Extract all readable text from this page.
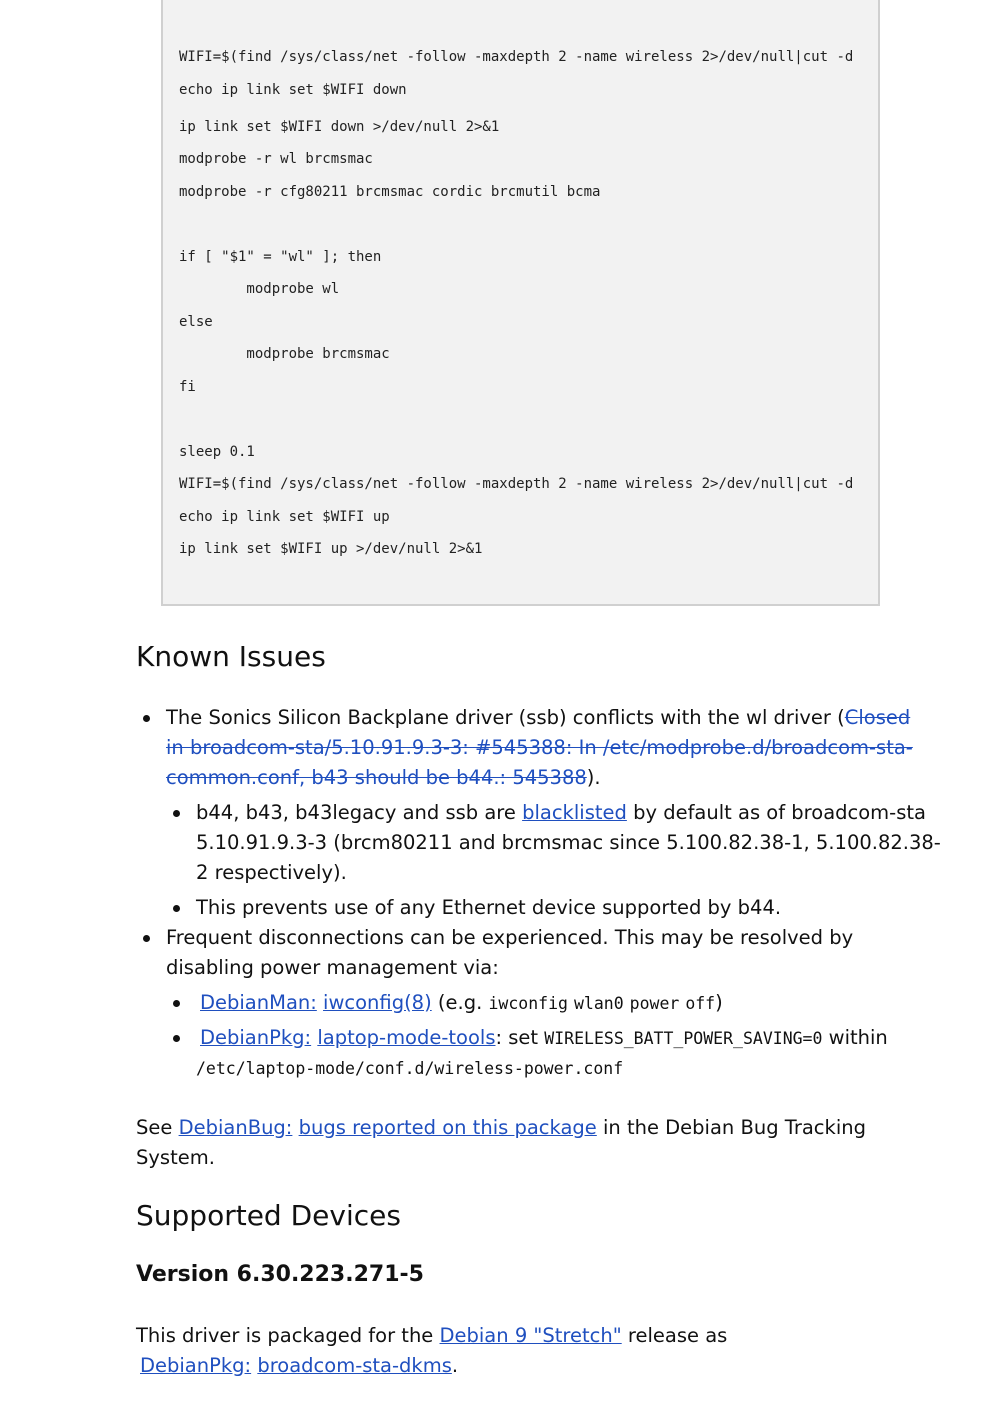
WIFI=$(find /sys/class/net -follow -maxdepth 2 -name wireless 2>/dev/null|cut -d
echo ip link set $WIFI down
ip link set $WIFI down >/dev/null 2>&1
modprobe -r wl brcmsmac
modprobe -r cfg80211 brcmsmac cordic brcmutil bcma
if [ "$1" = "wl" ]; then
modprobe wl
else
modprobe brcmsmac
fi
sleep 0.1
WIFI=$(find /sys/class/net -follow -maxdepth 2 -name wireless 2>/dev/null|cut -d
echo ip link set $WIFI up
ip link set $WIFI up >/dev/null 2>&1
Known Issues

The Sonics Silicon Backplane driver (ssb) conflicts with the wl driver (Closed

in broadcom-sta/5.10.91.9.3-3: #545388: In /etc/modprobe.d/broadcom-sta-

common.conf, b43 should be b44.: 545388).

b44, b43, b43legacy and ssb are blacklisted by default as of broadcom-sta

5.10.91.9.3-3 (brcm80211 and brcmsmac since 5.100.82.38-1, 5.100.82.38-

2 respectively).

This prevents use of any Ethernet device supported by b44.

Frequent disconnections can be experienced. This may be resolved by

disabling power management via:

DebianMan: iwconfig(8) (e.g. iwconfig wlan0 power off)

DebianPkg: laptop-mode-tools: set WIRELESS_BATT_POWER_SAVING=0 within

/etc/laptop-mode/conf.d/wireless-power.conf

See DebianBug: bugs reported on this package in the Debian Bug Tracking

System.

Supported Devices
Version 6.30.223.271-5

This driver is packaged for the Debian 9 "Stretch" release as

DebianPkg: broadcom-sta-dkms.
